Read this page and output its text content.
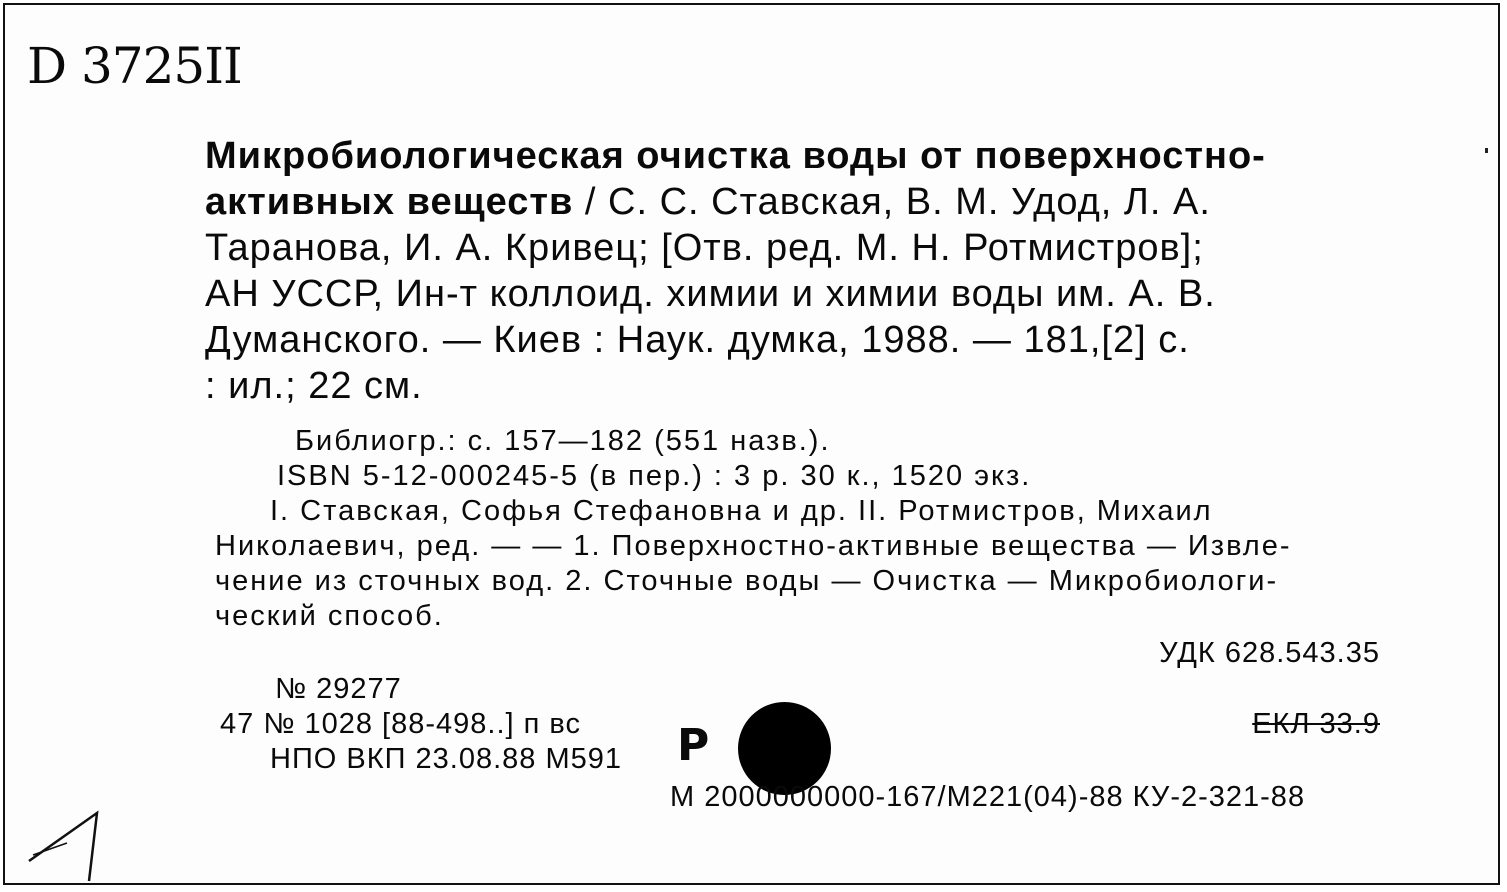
D 3725II
Микробиологическая очистка воды от поверхностно-
активных веществ / С. С. Ставская, В. М. Удод, Л. А.
Таранова, И. А. Кривец; [Отв. ред. М. Н. Ротмистров];
АН УССР, Ин-т коллоид. химии и химии воды им. А. В.
Думанского. — Киев : Наук. думка, 1988. — 181,[2] с.
: ил.; 22 см.
Библиогр.: с. 157—182 (551 назв.).
ISBN 5-12-000245-5 (в пер.) : 3 р. 30 к., 1520 экз.
I. Ставская, Софья Стефановна и др. II. Ротмистров, Михаил
Николаевич, ред. — — 1. Поверхностно-активные вещества — Извле-
чение из сточных вод. 2. Сточные воды — Очистка — Микробиологи-
ческий способ.
УДК 628.543.35
№ 29277
47 № 1028 [88-498..] п вс
НПО ВКП 23.08.88 М591
ЕКЛ 33.9
Р
М 2000000000-167/М221(04)-88 КУ-2-321-88
